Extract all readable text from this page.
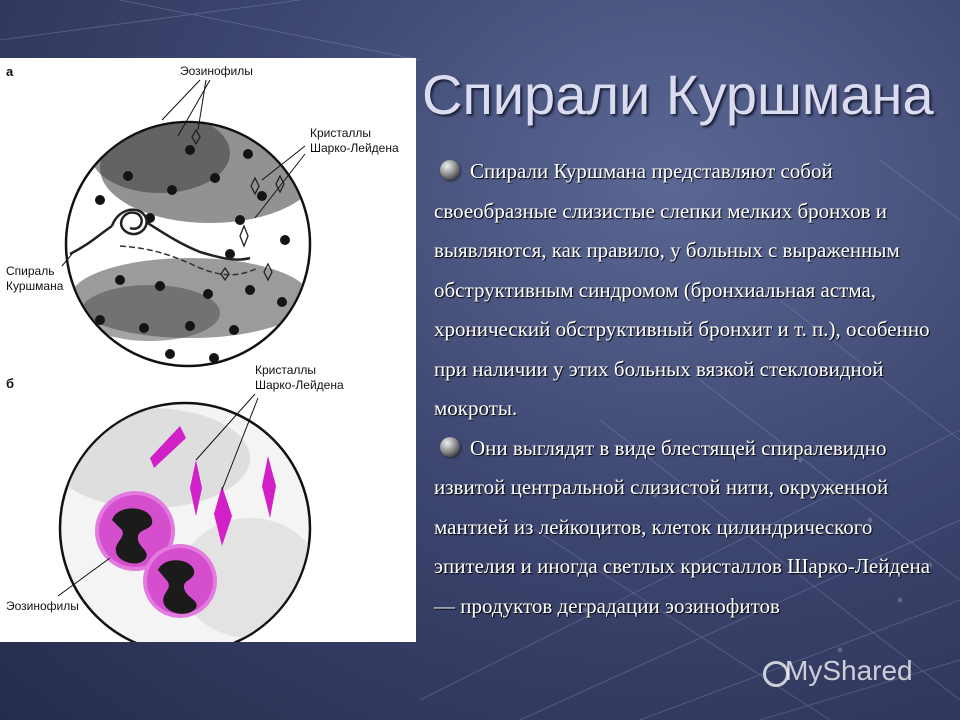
а	Эозинофилы
Кристаллы
Шарко-Лейдена
Спираль
Куршмана
б
Кристаллы
Шарко-Лейдена
Эозинофилы
Спирали Куршмана

Спирали Куршмана представляют собой своеобразные слизистые слепки мелких бронхов и выявляются, как правило, у больных с выраженным обструктивным синдромом (бронхиальная астма, хронический обструктивный бронхит и т. п.), особенно при наличии у этих больных вязкой стекловидной мокроты.

Они выглядят в виде блестящей спиралевидно извитой центральной слизистой нити, окруженной мантией из лейкоцитов, клеток цилиндрического эпителия и иногда светлых кристаллов Шарко-Лейдена — продуктов деградации эозинофитов

MyShared
